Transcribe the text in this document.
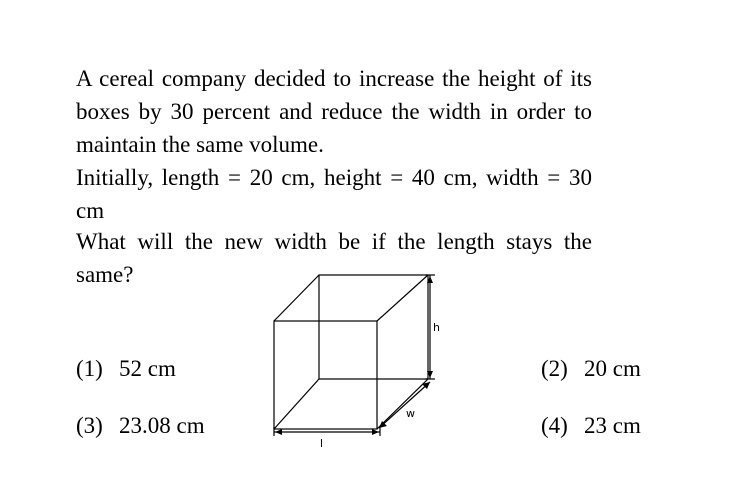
A cereal company decided to increase the height of its boxes by 30 percent and reduce the width in order to maintain the same volume.
Initially, length = 20 cm, height = 40 cm, width = 30 cm
What will the new width be if the length stays the same?
h
w
l
(1) 52 cm	(2) 20 cm
(3) 23.08 cm	(4) 23 cm
